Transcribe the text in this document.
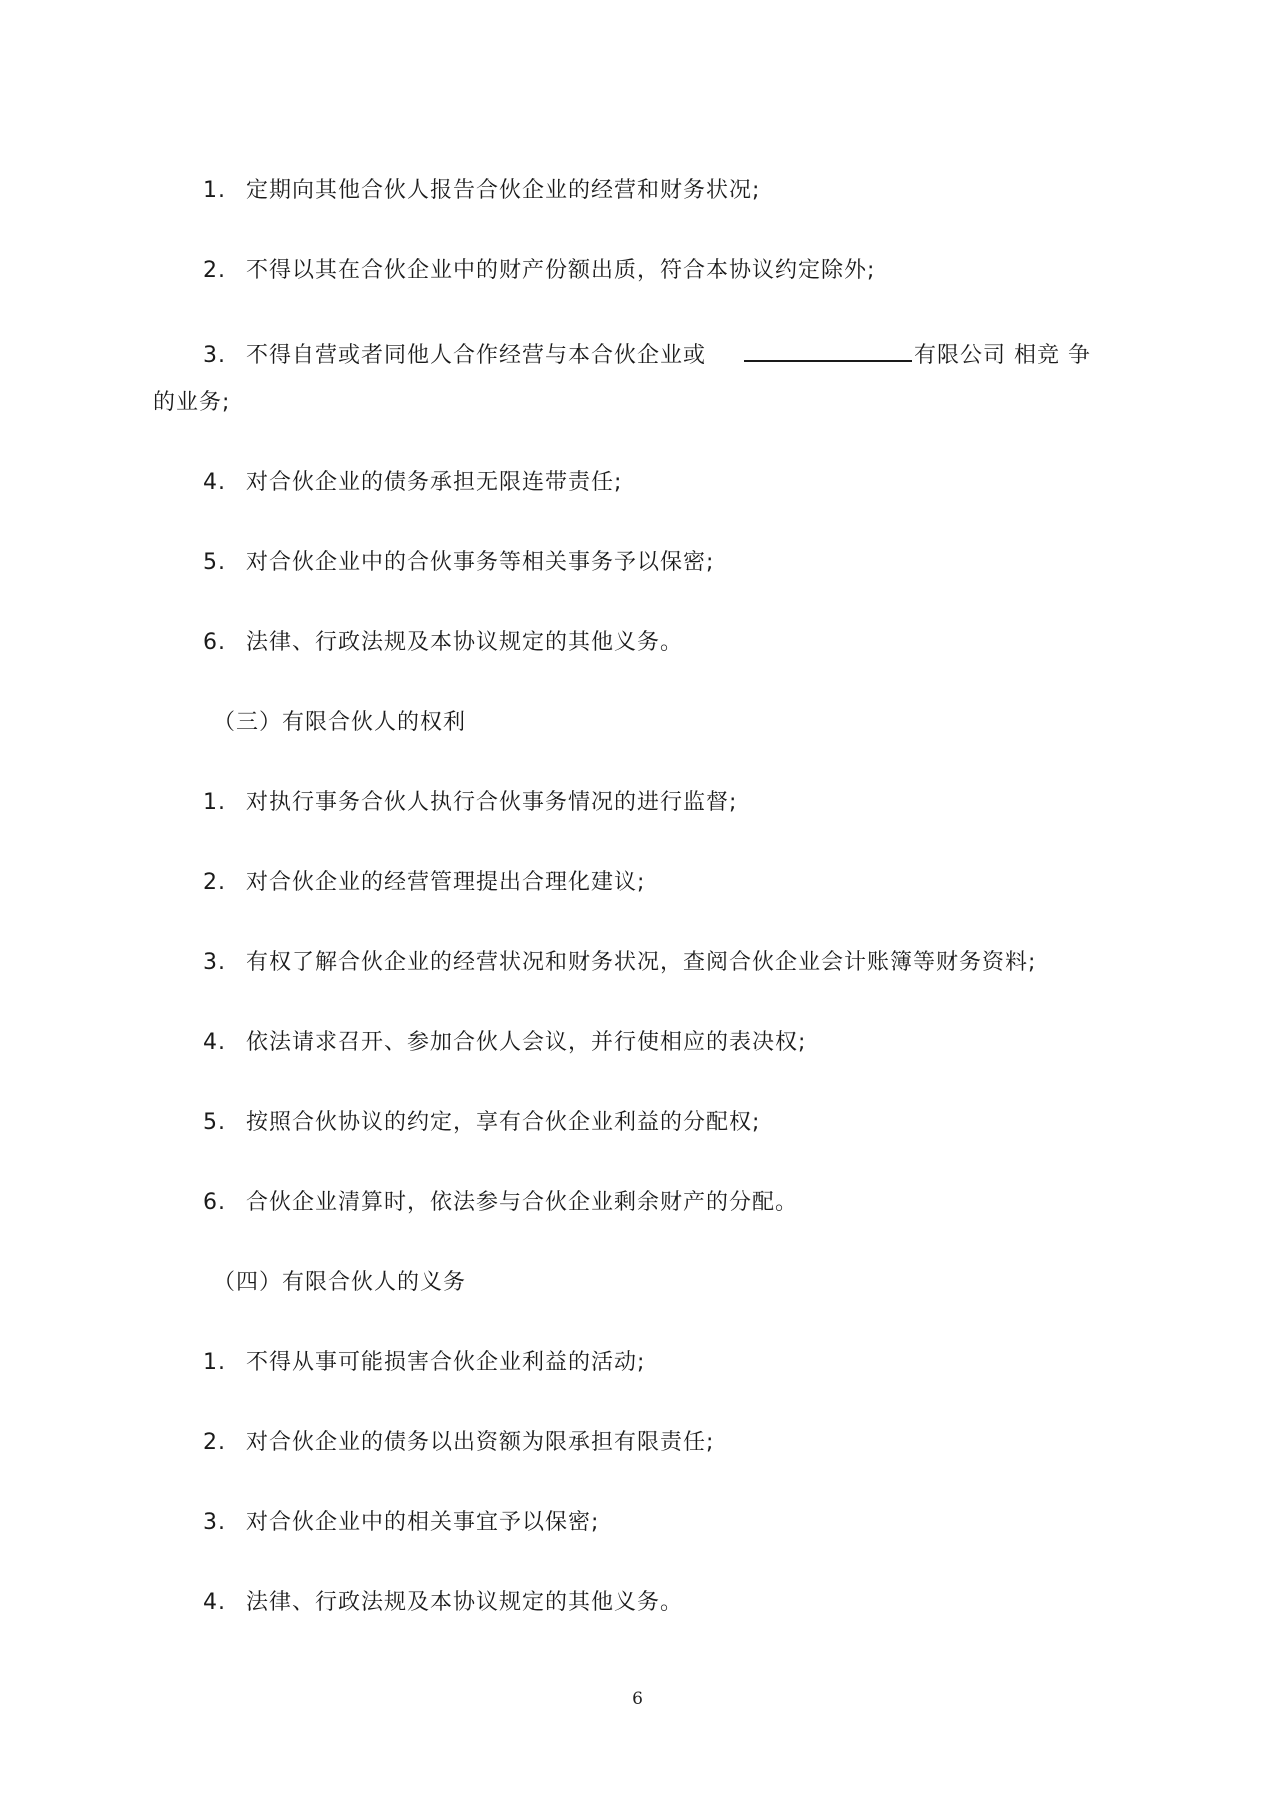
1. 定期向其他合伙人报告合伙企业的经营和财务状况;
2. 不得以其在合伙企业中的财产份额出质，符合本协议约定除外;
3. 不得自营或者同他人合作经营与本合伙企业或	有限公司 相竞 争
的业务;
4. 对合伙企业的债务承担无限连带责任;
5. 对合伙企业中的合伙事务等相关事务予以保密;
6. 法律、行政法规及本协议规定的其他义务。
（三）有限合伙人的权利
1. 对执行事务合伙人执行合伙事务情况的进行监督;
2. 对合伙企业的经营管理提出合理化建议;
3. 有权了解合伙企业的经营状况和财务状况，查阅合伙企业会计账簿等财务资料;
4. 依法请求召开、参加合伙人会议，并行使相应的表决权;
5. 按照合伙协议的约定，享有合伙企业利益的分配权;
6. 合伙企业清算时，依法参与合伙企业剩余财产的分配。
（四）有限合伙人的义务
1. 不得从事可能损害合伙企业利益的活动;
2. 对合伙企业的债务以出资额为限承担有限责任;
3. 对合伙企业中的相关事宜予以保密;
4. 法律、行政法规及本协议规定的其他义务。
6
